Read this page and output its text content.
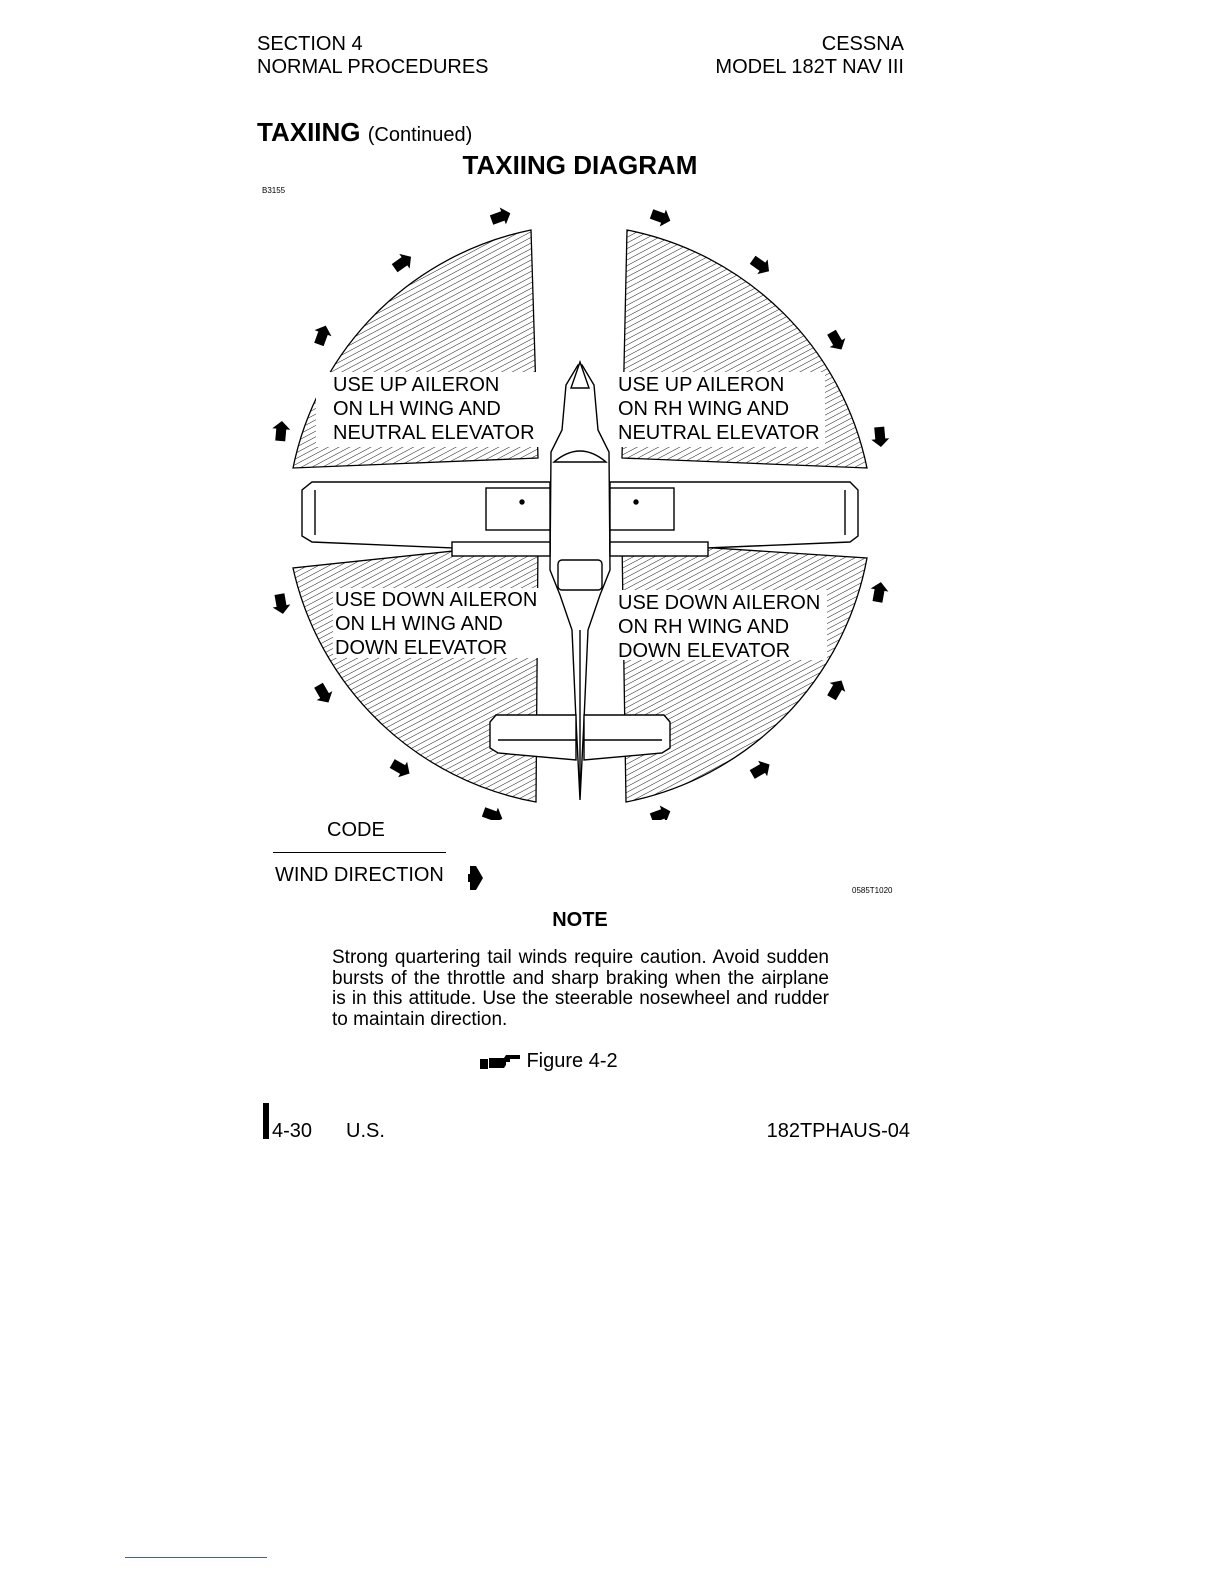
SECTION 4
NORMAL PROCEDURES
CESSNA
MODEL 182T NAV III
TAXIING (Continued)
TAXIING DIAGRAM
B3155
USE UP AILERON ON LH WING AND NEUTRAL ELEVATOR
USE UP AILERON ON RH WING AND NEUTRAL ELEVATOR
USE DOWN AILERON ON LH WING AND DOWN ELEVATOR
USE DOWN AILERON ON RH WING AND DOWN ELEVATOR
CODE
WIND DIRECTION
0585T1020
NOTE
Strong quartering tail winds require caution. Avoid sudden bursts of the throttle and sharp braking when the airplane is in this attitude. Use the steerable nosewheel and rudder to maintain direction.
Figure 4-2
4-30 U.S.	182TPHAUS-04
